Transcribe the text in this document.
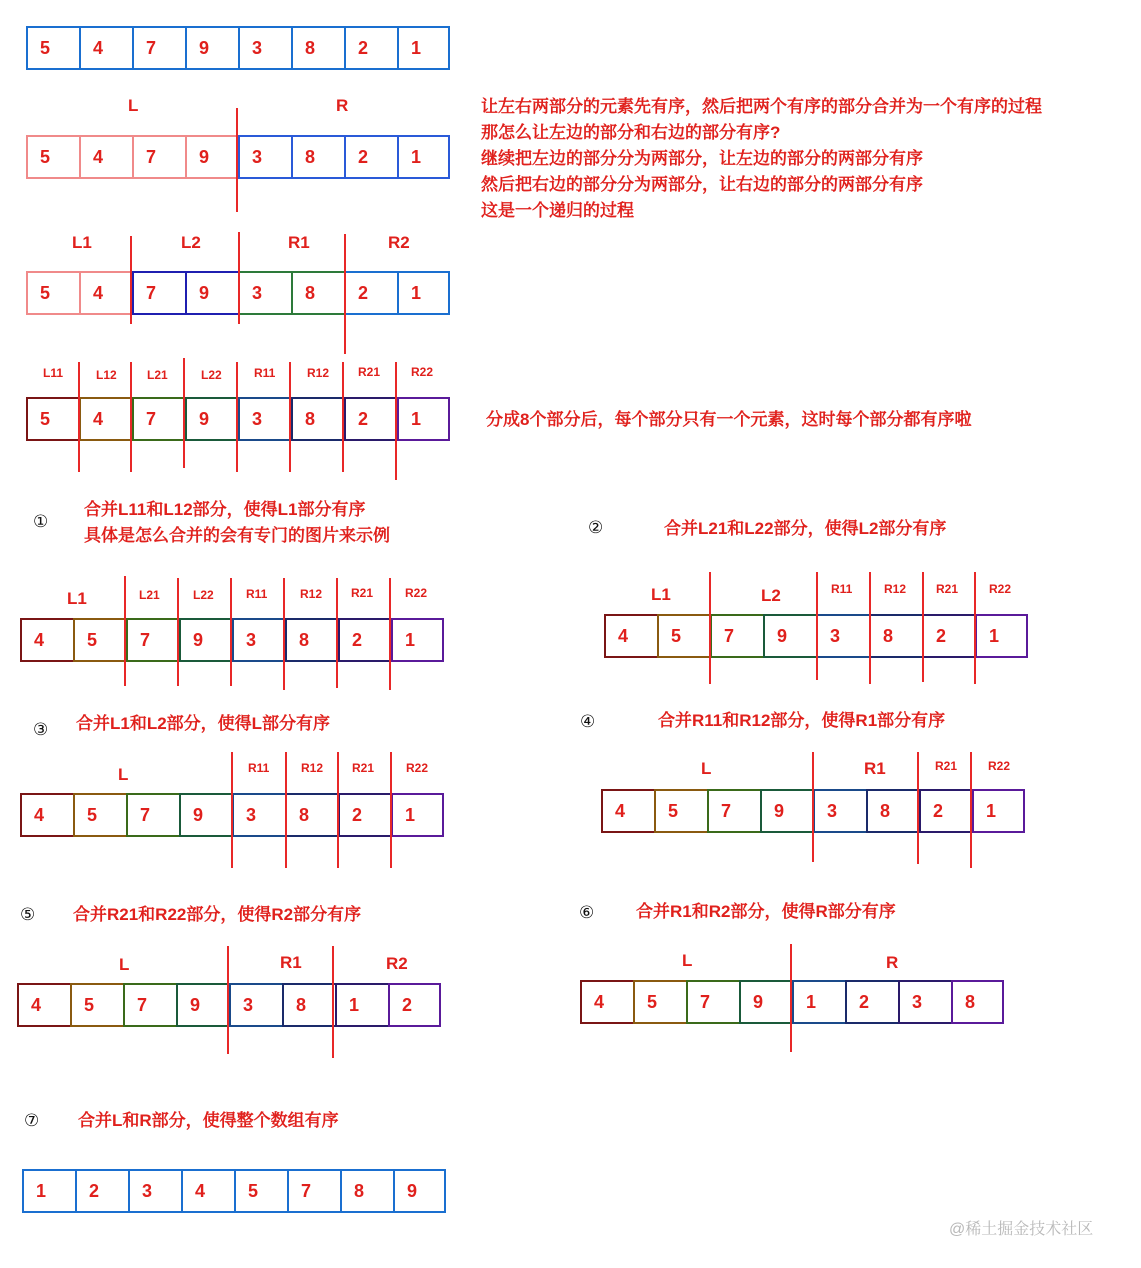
5	4	7	9	3	8	2	1
5	4	7	9	3	8	2	1
5	4	7	9	3	8	2	1
5	4	7	9	3	8	2	1
4	5	7	9	3	8	2	1	4	5	7	9	3	8	2	1
4	5	7	9	3	8	2	1	4	5	7	9	3	8	2	1
4	5	7	9	3	8	1	2	4	5	7	9	1	2	3	8
1	2	3	4	5	7	8	9
L	R
L1	L2	R1	R2
L11	L12	L21	L22	R11	R12 R21	R22
L1	L21	L22	R11	R12 R21	R22	L1	L2	R11	R12 R21	R22
L	R11	R12 R21	R22	L	R1	R21	R22
L	R1	R2	L	R
让左右两部分的元素先有序，然后把两个有序的部分合并为一个有序的过程
那怎么让左边的部分和右边的部分有序?
继续把左边的部分分为两部分，让左边的部分的两部分有序
然后把右边的部分分为两部分，让右边的部分的两部分有序
这是一个递归的过程
分成8个部分后，每个部分只有一个元素，这时每个部分都有序啦
①
合并L11和L12部分，使得L1部分有序
具体是怎么合并的会有专门的图片来示例	②	合并L21和L22部分，使得L2部分有序
③ 合并L1和L2部分，使得L部分有序	④	合并R11和R12部分，使得R1部分有序
⑤ 合并R21和R22部分，使得R2部分有序	⑥ 合并R1和R2部分，使得R部分有序
⑦ 合并L和R部分，使得整个数组有序
@稀土掘金技术社区
